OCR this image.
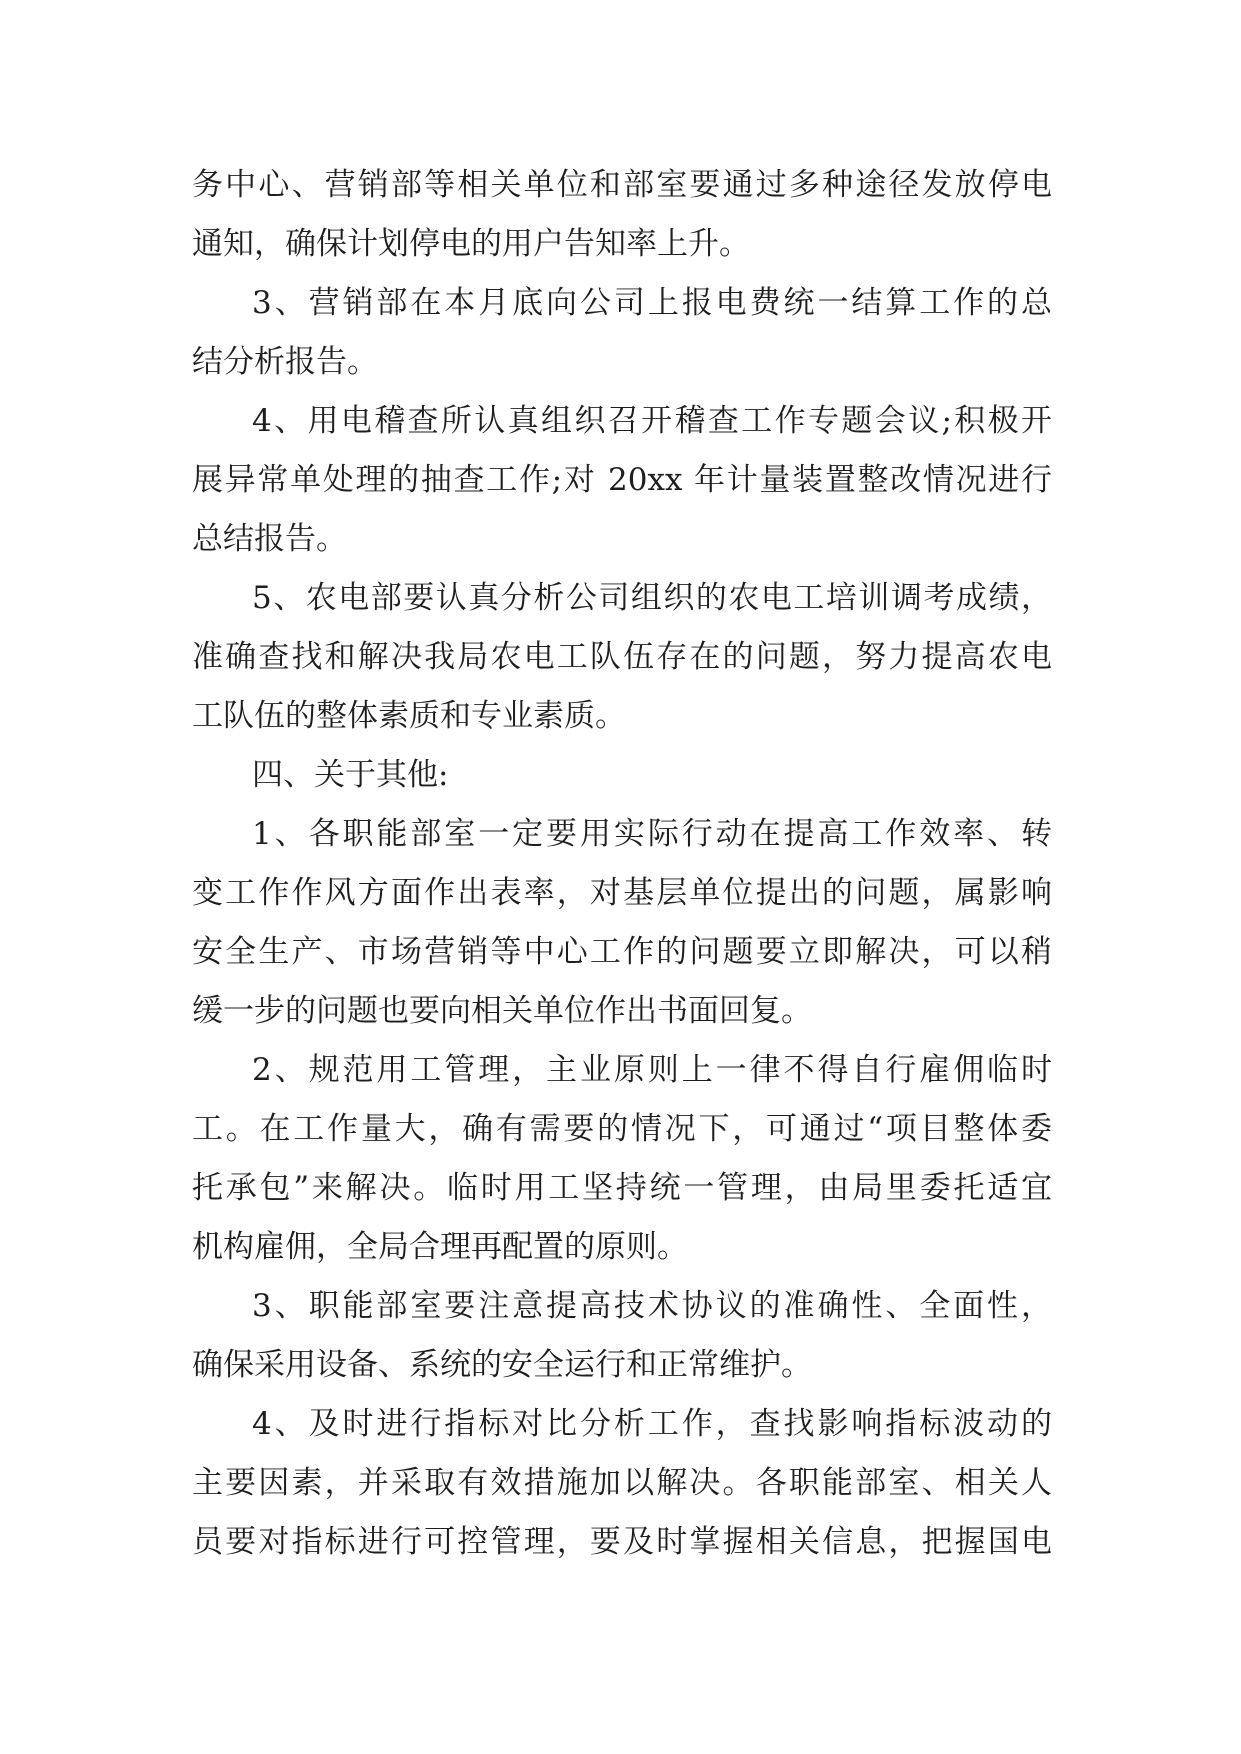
务中心、营销部等相关单位和部室要通过多种途径发放停电
通知，确保计划停电的用户告知率上升。
3、营销部在本月底向公司上报电费统一结算工作的总
结分析报告。
4、用电稽查所认真组织召开稽查工作专题会议;积极开
展异常单处理的抽查工作;对 20xx 年计量装置整改情况进行
总结报告。
5、农电部要认真分析公司组织的农电工培训调考成绩，
准确查找和解决我局农电工队伍存在的问题，努力提高农电
工队伍的整体素质和专业素质。
四、关于其他:
1、各职能部室一定要用实际行动在提高工作效率、转
变工作作风方面作出表率，对基层单位提出的问题，属影响
安全生产、市场营销等中心工作的问题要立即解决，可以稍
缓一步的问题也要向相关单位作出书面回复。
2、规范用工管理，主业原则上一律不得自行雇佣临时
工。在工作量大，确有需要的情况下，可通过“项目整体委
托承包”来解决。临时用工坚持统一管理，由局里委托适宜
机构雇佣，全局合理再配置的原则。
3、职能部室要注意提高技术协议的准确性、全面性，
确保采用设备、系统的安全运行和正常维护。
4、及时进行指标对比分析工作，查找影响指标波动的
主要因素，并采取有效措施加以解决。各职能部室、相关人
员要对指标进行可控管理，要及时掌握相关信息，把握国电
